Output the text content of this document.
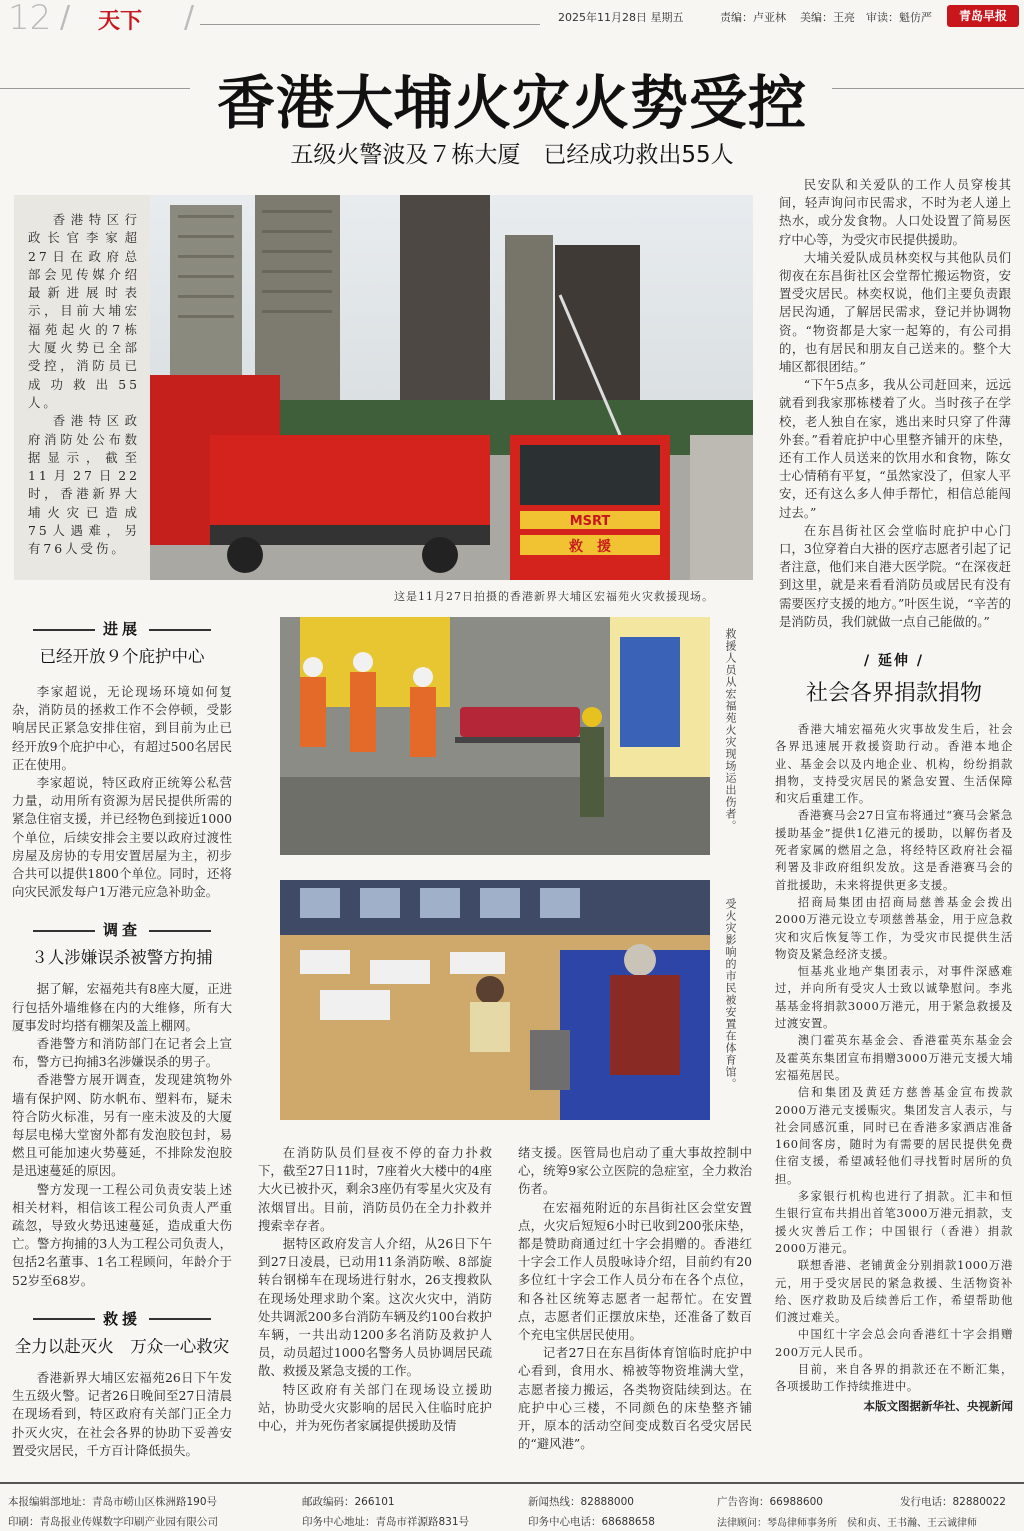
12 / 天下 /	2025年11月28日 星期五	责编：卢亚林 美编：王亮 审读：魁仿严	青岛早报
香港大埔火灾火势受控
五级火警波及７栋大厦　已经成功救出55人

香港特区行政长官李家超27日在政府总部会见传媒介绍最新进展时表示，目前大埔宏福苑起火的7栋大厦火势已全部受控，消防员已成功救出55人。

香港特区政府消防处公布数据显示，截至11月27日22时，香港新界大埔火灾已造成75人遇难，另有76人受伤。

MSRT
救　援
这是11月27日拍摄的香港新界大埔区宏福苑火灾救援现场。

民安队和关爱队的工作人员穿梭其间，轻声询问市民需求，不时为老人递上热水，或分发食物。人口处设置了简易医疗中心等，为受灾市民提供援助。

大埔关爱队成员林奕权与其他队员们彻夜在东昌街社区会堂帮忙搬运物资，安置受灾居民。林奕权说，他们主要负责跟居民沟通，了解居民需求，登记并协调物资。“物资都是大家一起筹的，有公司捐的，也有居民和朋友自己送来的。整个大埔区都很团结。”

“下午5点多，我从公司赶回来，远远就看到我家那栋楼着了火。当时孩子在学校，老人独自在家，逃出来时只穿了件薄外套。”看着庇护中心里整齐铺开的床垫，还有工作人员送来的饮用水和食物，陈女士心情稍有平复，“虽然家没了，但家人平安，还有这么多人伸手帮忙，相信总能闯过去。”

在东昌街社区会堂临时庇护中心门口，3位穿着白大褂的医疗志愿者引起了记者注意，他们来自港大医学院。“在深夜赶到这里，就是来看看消防员或居民有没有需要医疗支援的地方。”叶医生说，“辛苦的是消防员，我们就做一点自己能做的。”

进展
已经开放９个庇护中心

李家超说，无论现场环境如何复杂，消防员的拯救工作不会停顿，受影响居民正紧急安排住宿，到目前为止已经开放9个庇护中心，有超过500名居民正在使用。

李家超说，特区政府正统筹公私营力量，动用所有资源为居民提供所需的紧急住宿支援，并已经物色到接近1000个单位，后续安排会主要以政府过渡性房屋及房协的专用安置居屋为主，初步合共可以提供1800个单位。同时，还将向灾民派发每户1万港元应急补助金。

调查
３人涉嫌误杀被警方拘捕

据了解，宏福苑共有8座大厦，正进行包括外墙维修在内的大维修，所有大厦事发时均搭有棚架及盖上棚网。

香港警方和消防部门在记者会上宣布，警方已拘捕3名涉嫌误杀的男子。

香港警方展开调查，发现建筑物外墙有保护网、防水帆布、塑料布，疑未符合防火标准，另有一座未波及的大厦每层电梯大堂窗外都有发泡胶包封，易燃且可能加速火势蔓延，不排除发泡胶是迅速蔓延的原因。

警方发现一工程公司负责安装上述相关材料，相信该工程公司负责人严重疏忽，导致火势迅速蔓延，造成重大伤亡。警方拘捕的3人为工程公司负责人，包括2名董事、1名工程顾问，年龄介于52岁至68岁。

救援
全力以赴灭火　万众一心救灾

香港新界大埔区宏福苑26日下午发生五级火警。记者26日晚间至27日清晨在现场看到，特区政府有关部门正全力扑灭火灾，在社会各界的协助下妥善安置受灾居民，千方百计降低损失。

救援人员从宏福苑火灾现场运出伤者。
受火灾影响的市民被安置在体育馆。

在消防队员们昼夜不停的奋力扑救下，截至27日11时，7座着火大楼中的4座大火已被扑灭，剩余3座仍有零星火灾及有浓烟冒出。目前，消防员仍在全力扑救并搜索幸存者。

据特区政府发言人介绍，从26日下午到27日凌晨，已动用11条消防喉、8部旋转台钢梯车在现场进行射水，26支搜救队在现场处理求助个案。这次火灾中，消防处共调派200多台消防车辆及约100台救护车辆，一共出动1200多名消防及救护人员，动员超过1000名警务人员协调居民疏散、救援及紧急支援的工作。

特区政府有关部门在现场设立援助站，协助受火灾影响的居民入住临时庇护中心，并为死伤者家属提供援助及情

绪支援。医管局也启动了重大事故控制中心，统筹9家公立医院的急症室，全力救治伤者。

在宏福苑附近的东昌街社区会堂安置点，火灾后短短6小时已收到200张床垫，都是赞助商通过红十字会捐赠的。香港红十字会工作人员殷咏诗介绍，目前约有20多位红十字会工作人员分布在各个点位，和各社区统筹志愿者一起帮忙。在安置点，志愿者们正摆放床垫，还准备了数百个充电宝供居民使用。

记者27日在东昌街体育馆临时庇护中心看到，食用水、棉被等物资堆满大堂，志愿者接力搬运，各类物资陆续到达。在庇护中心三楼，不同颜色的床垫整齐铺开，原本的活动空间变成数百名受灾居民的“避风港”。

/ 延伸 /
社会各界捐款捐物

香港大埔宏福苑火灾事故发生后，社会各界迅速展开救援资助行动。香港本地企业、基金会以及内地企业、机构，纷纷捐款捐物，支持受灾居民的紧急安置、生活保障和灾后重建工作。

香港赛马会27日宣布将通过“赛马会紧急援助基金”提供1亿港元的援助，以解伤者及死者家属的燃眉之急，将经特区政府社会福利署及非政府组织发放。这是香港赛马会的首批援助，未来将提供更多支援。

招商局集团由招商局慈善基金会拨出2000万港元设立专项慈善基金，用于应急救灾和灾后恢复等工作，为受灾市民提供生活物资及紧急经济支援。

恒基兆业地产集团表示，对事件深感难过，并向所有受灾人士致以诚挚慰问。李兆基基金将捐款3000万港元，用于紧急救援及过渡安置。

澳门霍英东基金会、香港霍英东基金会及霍英东集团宣布捐赠3000万港元支援大埔宏福苑居民。

信和集团及黄廷方慈善基金宣布拨款2000万港元支援赈灾。集团发言人表示，与社会同感沉重，同时已在香港多家酒店准备160间客房，随时为有需要的居民提供免费住宿支援，希望减轻他们寻找暂时居所的负担。

多家银行机构也进行了捐款。汇丰和恒生银行宣布共捐出首笔3000万港元捐款，支援火灾善后工作；中国银行（香港）捐款2000万港元。

联想香港、老铺黄金分别捐款1000万港元，用于受灾居民的紧急救援、生活物资补给、医疗救助及后续善后工作，希望帮助他们渡过难关。

中国红十字会总会向香港红十字会捐赠200万元人民币。

目前，来自各界的捐款还在不断汇集，各项援助工作持续推进中。

本版文图据新华社、央视新闻
本报编辑部地址：青岛市崂山区株洲路190号	邮政编码：266101	新闻热线：82888000	广告咨询：66988600	发行电话：82880022
印刷：青岛报业传媒数字印刷产业园有限公司	印务中心地址：青岛市祥源路831号	印务中心电话：68688658	法律顾问：琴岛律师事务所　侯和贞、王书瀚、王云诚律师
